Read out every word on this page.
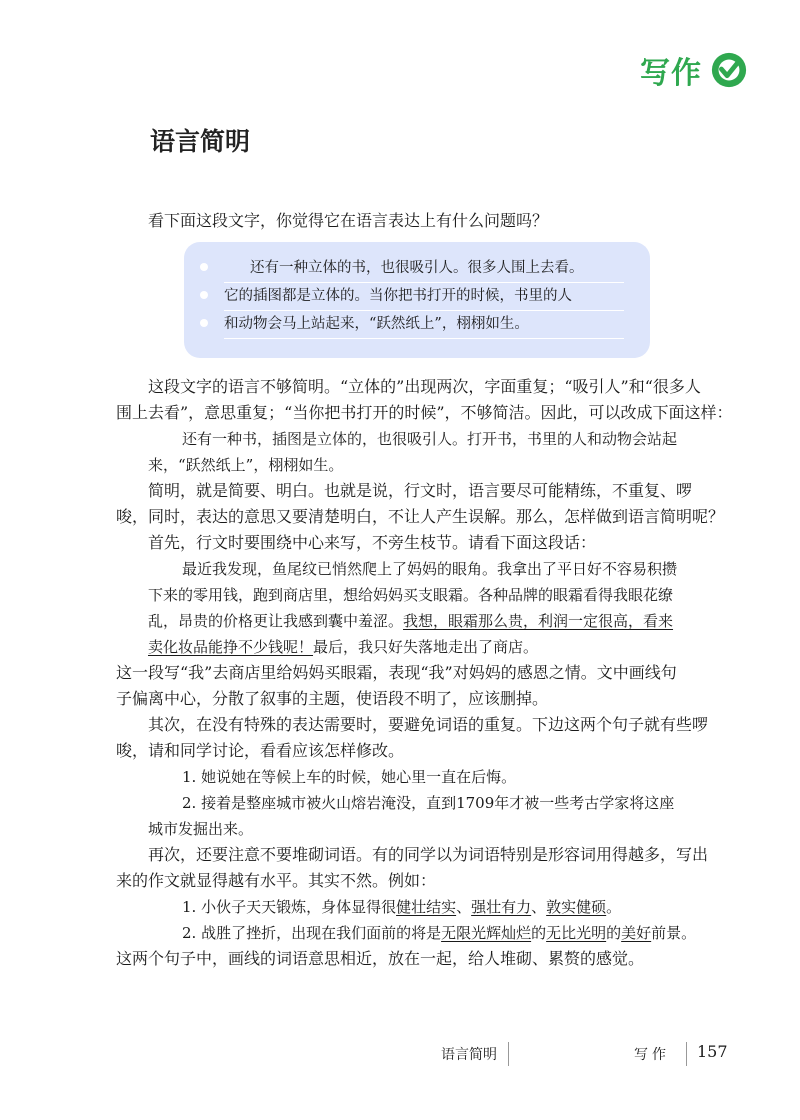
写作
语言简明

看下面这段文字，你觉得它在语言表达上有什么问题吗？

还有一种立体的书，也很吸引人。很多人围上去看。
它的插图都是立体的。当你把书打开的时候，书里的人
和动物会马上站起来，“跃然纸上”，栩栩如生。

这段文字的语言不够简明。“立体的”出现两次，字面重复；“吸引人”和“很多人

围上去看”，意思重复；“当你把书打开的时候”，不够简洁。因此，可以改成下面这样：

还有一种书，插图是立体的，也很吸引人。打开书，书里的人和动物会站起

来，“跃然纸上”，栩栩如生。

简明，就是简要、明白。也就是说，行文时，语言要尽可能精练，不重复、啰

唆，同时，表达的意思又要清楚明白，不让人产生误解。那么，怎样做到语言简明呢？

首先，行文时要围绕中心来写，不旁生枝节。请看下面这段话：

最近我发现，鱼尾纹已悄然爬上了妈妈的眼角。我拿出了平日好不容易积攒

下来的零用钱，跑到商店里，想给妈妈买支眼霜。各种品牌的眼霜看得我眼花缭

乱，昂贵的价格更让我感到囊中羞涩。我想，眼霜那么贵，利润一定很高，看来

卖化妆品能挣不少钱呢！最后，我只好失落地走出了商店。

这一段写“我”去商店里给妈妈买眼霜，表现“我”对妈妈的感恩之情。文中画线句

子偏离中心，分散了叙事的主题，使语段不明了，应该删掉。

其次，在没有特殊的表达需要时，要避免词语的重复。下边这两个句子就有些啰

唆，请和同学讨论，看看应该怎样修改。

1. 她说她在等候上车的时候，她心里一直在后悔。

2. 接着是整座城市被火山熔岩淹没，直到1709年才被一些考古学家将这座

城市发掘出来。

再次，还要注意不要堆砌词语。有的同学以为词语特别是形容词用得越多，写出

来的作文就显得越有水平。其实不然。例如：

1. 小伙子天天锻炼，身体显得很健壮结实、强壮有力、敦实健硕。

2. 战胜了挫折，出现在我们面前的将是无限光辉灿烂的无比光明的美好前景。

这两个句子中，画线的词语意思相近，放在一起，给人堆砌、累赘的感觉。

语言简明	写作 157
